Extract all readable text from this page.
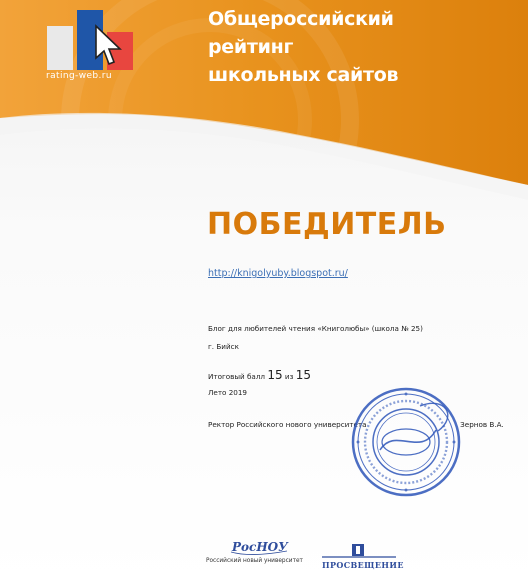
rating-web.ru
Общероссийский
рейтинг
школьных сайтов
ПОБЕДИТЕЛЬ
http://knigolyuby.blogspot.ru/
Блог для любителей чтения «Книголюбы» (школа № 25)
г. Бийск
Итоговый балл 15 из 15
Лето 2019
Ректор Российского нового университета                                         Зернов В.А.
РосНОУ
Российский новый университет ПРОСВЕЩЕНИЕ
